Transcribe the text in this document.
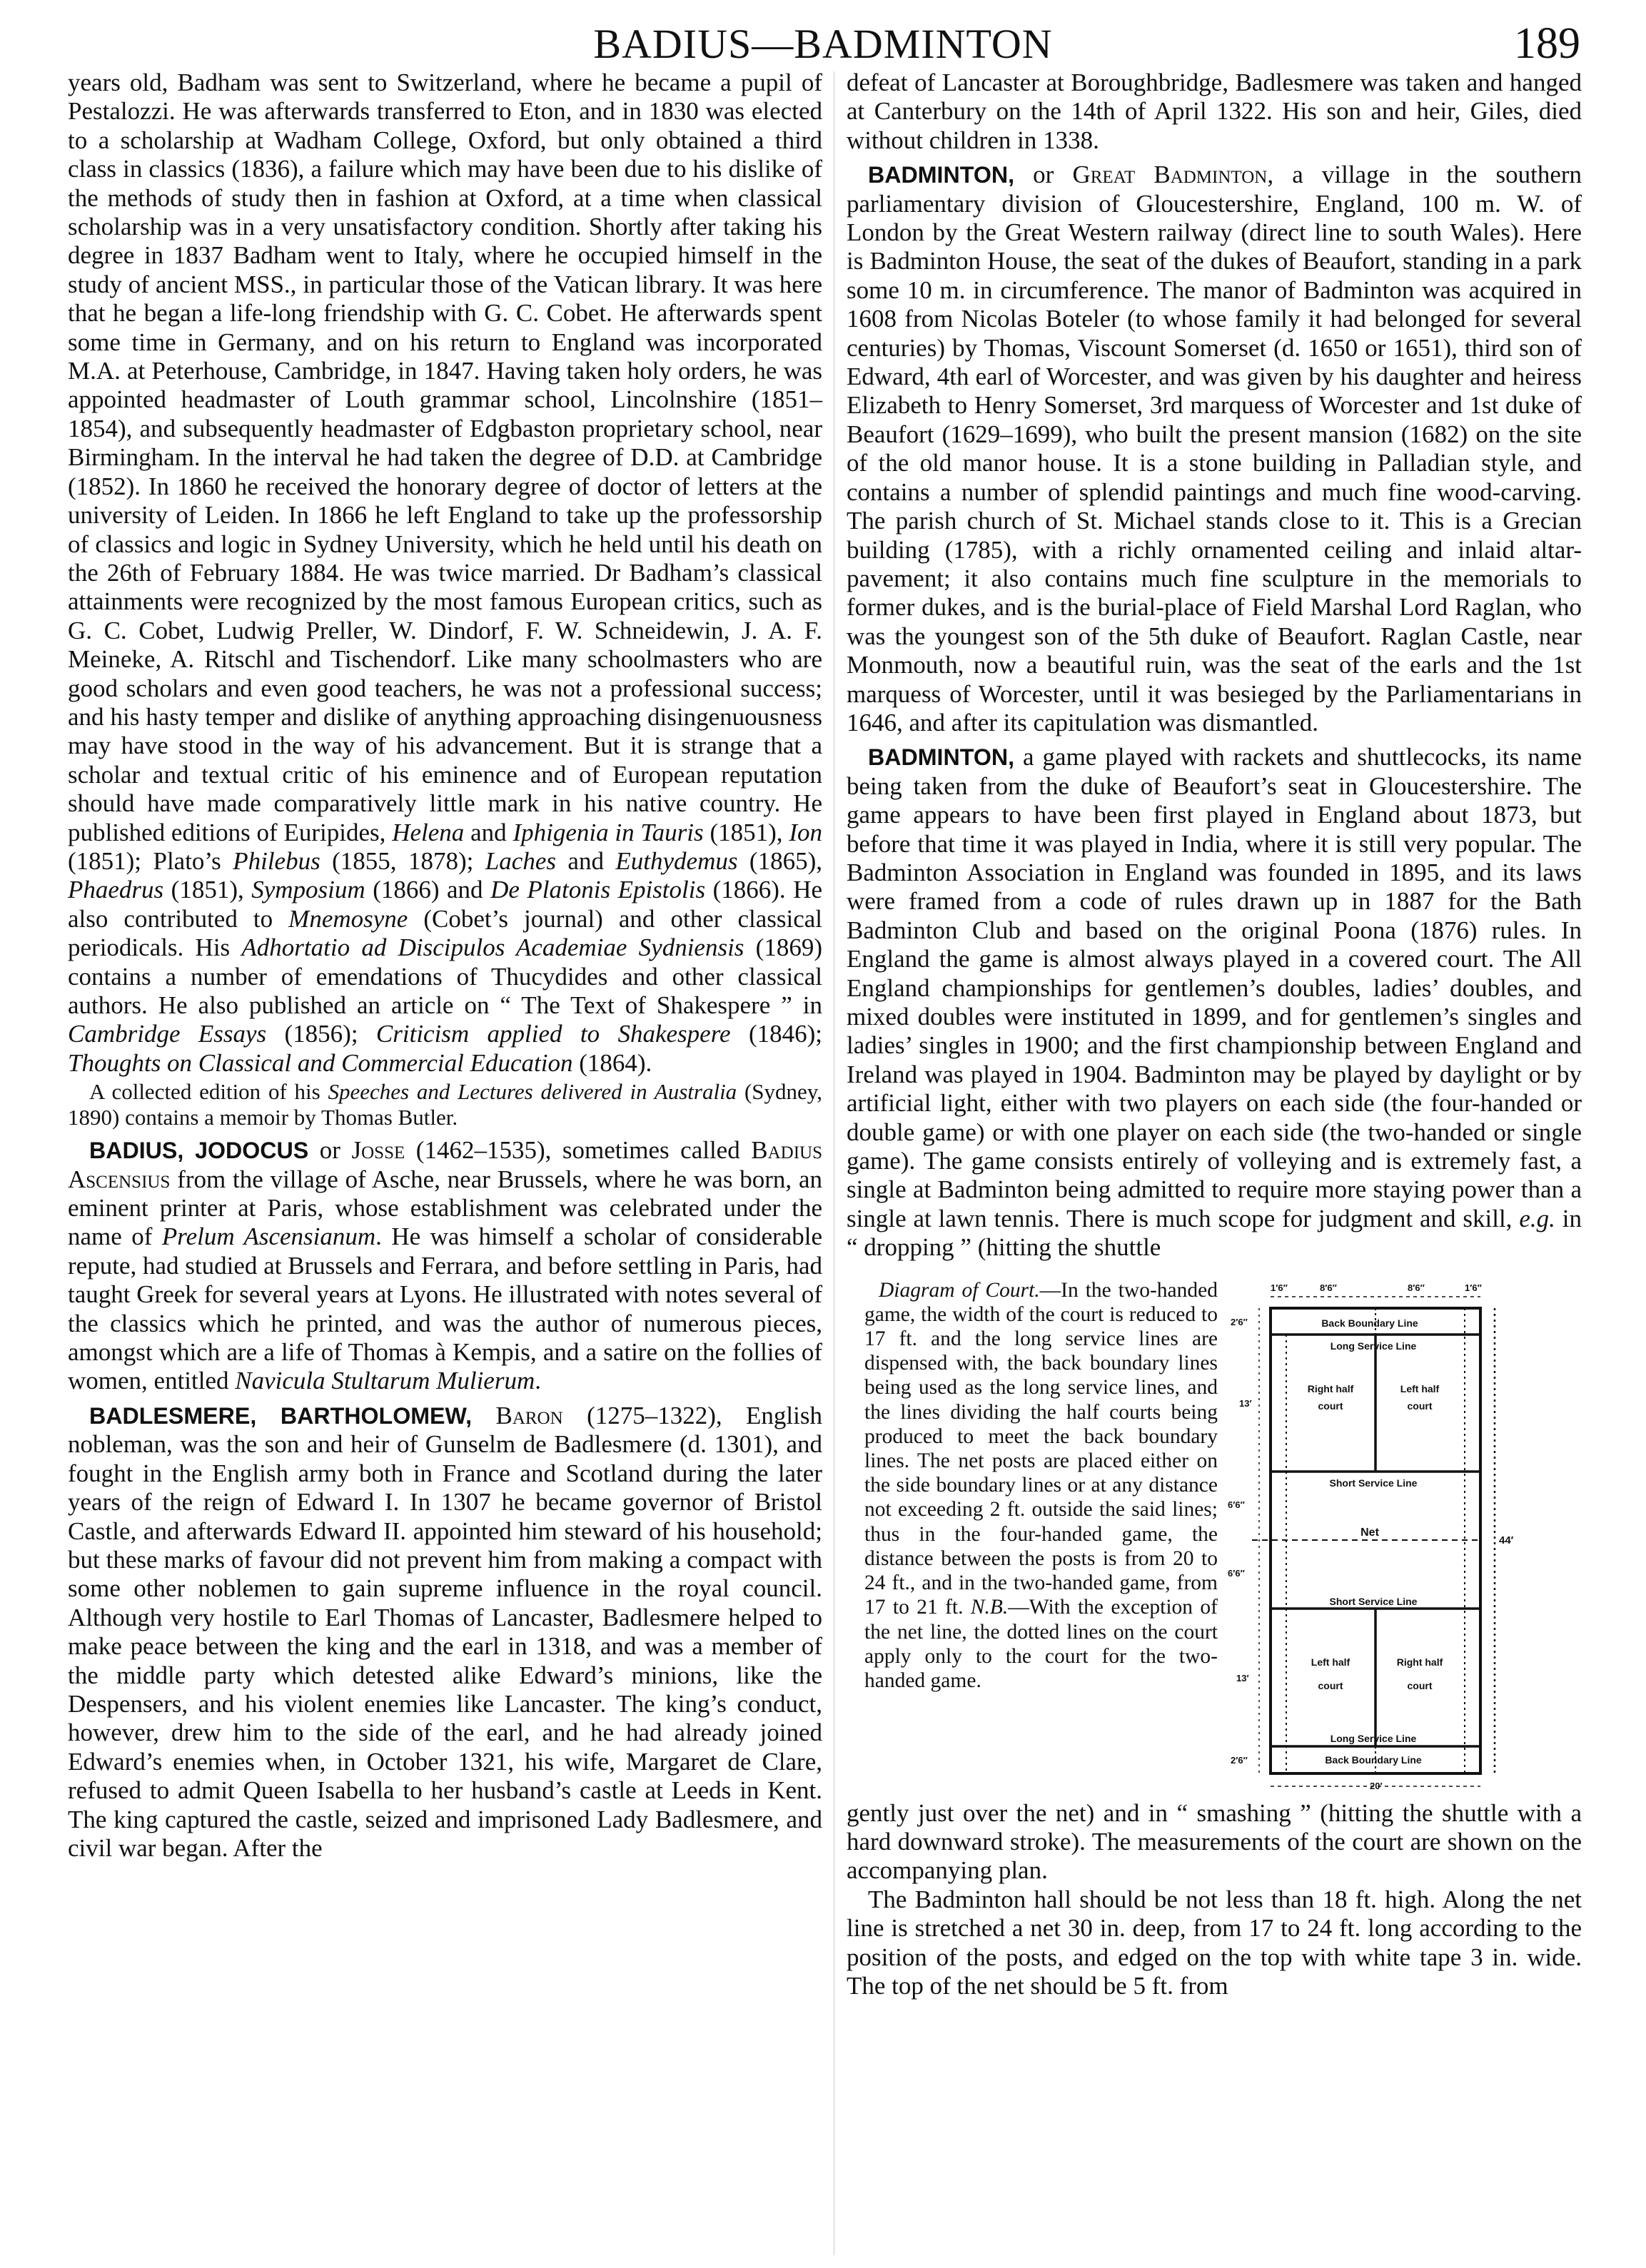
BADIUS—BADMINTON	189

years old, Badham was sent to Switzerland, where he became a pupil of Pestalozzi. He was afterwards transferred to Eton, and in 1830 was elected to a scholarship at Wadham College, Oxford, but only obtained a third class in classics (1836), a failure which may have been due to his dislike of the methods of study then in fashion at Oxford, at a time when classical scholarship was in a very unsatisfactory condition. Shortly after taking his degree in 1837 Badham went to Italy, where he occupied himself in the study of ancient MSS., in particular those of the Vatican library. It was here that he began a life-long friendship with G. C. Cobet. He afterwards spent some time in Germany, and on his return to England was incorporated M.A. at Peterhouse, Cambridge, in 1847. Having taken holy orders, he was appointed headmaster of Louth grammar school, Lincolnshire (1851–1854), and subsequently headmaster of Edgbaston proprietary school, near Birmingham. In the interval he had taken the degree of D.D. at Cambridge (1852). In 1860 he received the honorary degree of doctor of letters at the university of Leiden. In 1866 he left England to take up the professorship of classics and logic in Sydney University, which he held until his death on the 26th of February 1884. He was twice married. Dr Badham’s classical attainments were recognized by the most famous European critics, such as G. C. Cobet, Ludwig Preller, W. Dindorf, F. W. Schneidewin, J. A. F. Meineke, A. Ritschl and Tischendorf. Like many schoolmasters who are good scholars and even good teachers, he was not a professional success; and his hasty temper and dislike of anything approaching disingenuousness may have stood in the way of his advancement. But it is strange that a scholar and textual critic of his eminence and of European reputation should have made comparatively little mark in his native country. He published editions of Euripides, Helena and Iphigenia in Tauris (1851), Ion (1851); Plato’s Philebus (1855, 1878); Laches and Euthydemus (1865), Phaedrus (1851), Symposium (1866) and De Platonis Epistolis (1866). He also contributed to Mnemosyne (Cobet’s journal) and other classical periodicals. His Adhortatio ad Discipulos Academiae Sydniensis (1869) contains a number of emendations of Thucydides and other classical authors. He also published an article on “ The Text of Shakespere ” in Cambridge Essays (1856); Criticism applied to Shakespere (1846); Thoughts on Classical and Commercial Education (1864).

A collected edition of his Speeches and Lectures delivered in Australia (Sydney, 1890) contains a memoir by Thomas Butler.

BADIUS, JODOCUS or Josse (1462–1535), sometimes called Badius Ascensius from the village of Asche, near Brussels, where he was born, an eminent printer at Paris, whose establishment was celebrated under the name of Prelum Ascensianum. He was himself a scholar of considerable repute, had studied at Brussels and Ferrara, and before settling in Paris, had taught Greek for several years at Lyons. He illustrated with notes several of the classics which he printed, and was the author of numerous pieces, amongst which are a life of Thomas à Kempis, and a satire on the follies of women, entitled Navicula Stultarum Mulierum.

BADLESMERE, BARTHOLOMEW, Baron (1275–1322), English nobleman, was the son and heir of Gunselm de Badlesmere (d. 1301), and fought in the English army both in France and Scotland during the later years of the reign of Edward I. In 1307 he became governor of Bristol Castle, and afterwards Edward II. appointed him steward of his household; but these marks of favour did not prevent him from making a compact with some other noblemen to gain supreme influence in the royal council. Although very hostile to Earl Thomas of Lancaster, Badlesmere helped to make peace between the king and the earl in 1318, and was a member of the middle party which detested alike Edward’s minions, like the Despensers, and his violent enemies like Lancaster. The king’s conduct, however, drew him to the side of the earl, and he had already joined Edward’s enemies when, in October 1321, his wife, Margaret de Clare, refused to admit Queen Isabella to her husband’s castle at Leeds in Kent. The king captured the castle, seized and imprisoned Lady Badlesmere, and civil war began. After the

defeat of Lancaster at Boroughbridge, Badlesmere was taken and hanged at Canterbury on the 14th of April 1322. His son and heir, Giles, died without children in 1338.

BADMINTON, or Great Badminton, a village in the southern parliamentary division of Gloucestershire, England, 100 m. W. of London by the Great Western railway (direct line to south Wales). Here is Badminton House, the seat of the dukes of Beaufort, standing in a park some 10 m. in circumference. The manor of Badminton was acquired in 1608 from Nicolas Boteler (to whose family it had belonged for several centuries) by Thomas, Viscount Somerset (d. 1650 or 1651), third son of Edward, 4th earl of Worcester, and was given by his daughter and heiress Elizabeth to Henry Somerset, 3rd marquess of Worcester and 1st duke of Beaufort (1629–1699), who built the present mansion (1682) on the site of the old manor house. It is a stone building in Palladian style, and contains a number of splendid paintings and much fine wood-carving. The parish church of St. Michael stands close to it. This is a Grecian building (1785), with a richly ornamented ceiling and inlaid altar-pavement; it also contains much fine sculpture in the memorials to former dukes, and is the burial-place of Field Marshal Lord Raglan, who was the youngest son of the 5th duke of Beaufort. Raglan Castle, near Monmouth, now a beautiful ruin, was the seat of the earls and the 1st marquess of Worcester, until it was besieged by the Parliamentarians in 1646, and after its capitulation was dismantled.

BADMINTON, a game played with rackets and shuttlecocks, its name being taken from the duke of Beaufort’s seat in Gloucestershire. The game appears to have been first played in England about 1873, but before that time it was played in India, where it is still very popular. The Badminton Association in England was founded in 1895, and its laws were framed from a code of rules drawn up in 1887 for the Bath Badminton Club and based on the original Poona (1876) rules. In England the game is almost always played in a covered court. The All England championships for gentlemen’s doubles, ladies’ doubles, and mixed doubles were instituted in 1899, and for gentlemen’s singles and ladies’ singles in 1900; and the first championship between England and Ireland was played in 1904. Badminton may be played by daylight or by artificial light, either with two players on each side (the four-handed or double game) or with one player on each side (the two-handed or single game). The game consists entirely of volleying and is extremely fast, a single at Badminton being admitted to require more staying power than a single at lawn tennis. There is much scope for judgment and skill, e.g. in “ dropping ” (hitting the shuttle

Diagram of Court.—In the two-handed game, the width of the court is reduced to 17 ft. and the long service lines are dispensed with, the back boundary lines being used as the long service lines, and the lines dividing the half courts being produced to meet the back boundary lines. The net posts are placed either on the side boundary lines or at any distance not exceeding 2 ft. outside the said lines; thus in the four-handed game, the distance between the posts is from 20 to 24 ft., and in the two-handed game, from 17 to 21 ft. N.B.—With the exception of the net line, the dotted lines on the court apply only to the court for the two-handed game.

1′6″	8′6″	8′6″	1′6″
2′6″
13′
6′6″
6′6″
13′
2′6″
44′
20′
Back Boundary Line
Long Service Line
Right half
court
Left half
court
Short Service Line
Net
Short Service Line
Left half
court
Right half
court
Long Service Line
Back Boundary Line

gently just over the net) and in “ smashing ” (hitting the shuttle with a hard downward stroke). The measurements of the court are shown on the accompanying plan.

The Badminton hall should be not less than 18 ft. high. Along the net line is stretched a net 30 in. deep, from 17 to 24 ft. long according to the position of the posts, and edged on the top with white tape 3 in. wide. The top of the net should be 5 ft. from
